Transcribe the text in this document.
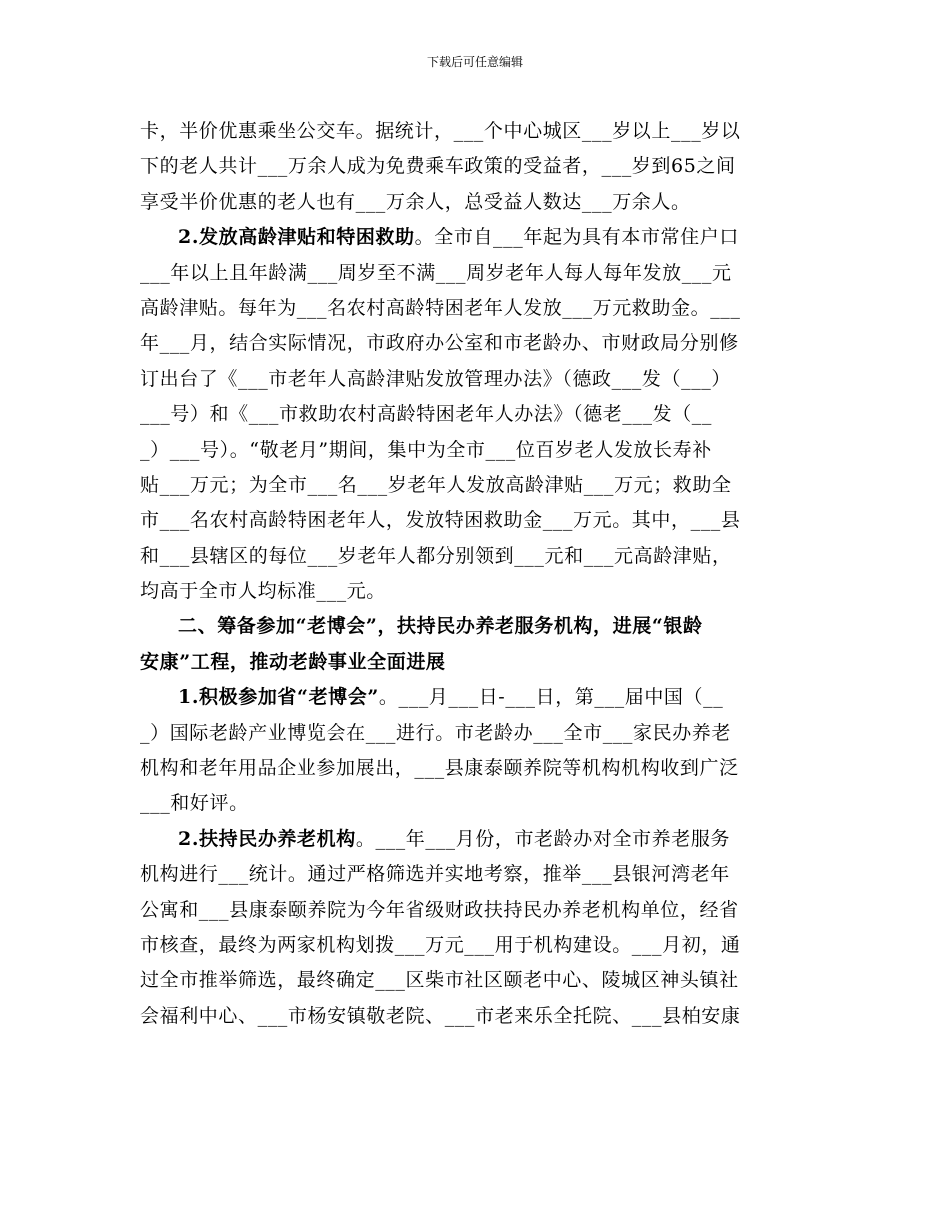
下载后可任意编辑
卡，半价优惠乘坐公交车。据统计，___个中心城区___岁以上___岁以
下的老人共计___万余人成为免费乘车政策的受益者，___岁到65之间
享受半价优惠的老人也有___万余人，总受益人数达___万余人。
2.发放高龄津贴和特困救助。全市自___年起为具有本市常住户口
___年以上且年龄满___周岁至不满___周岁老年人每人每年发放___元
高龄津贴。每年为___名农村高龄特困老年人发放___万元救助金。___
年___月，结合实际情况，市政府办公室和市老龄办、市财政局分别修
订出台了《___市老年人高龄津贴发放管理办法》（德政___发（___）
___号）和《___市救助农村高龄特困老年人办法》（德老___发（__
_）___号）。“敬老月”期间，集中为全市___位百岁老人发放长寿补
贴___万元；为全市___名___岁老年人发放高龄津贴___万元；救助全
市___名农村高龄特困老年人，发放特困救助金___万元。其中，___县
和___县辖区的每位___岁老年人都分别领到___元和___元高龄津贴，
均高于全市人均标准___元。
二、筹备参加“老博会”，扶持民办养老服务机构，进展“银龄
安康”工程，推动老龄事业全面进展
1.积极参加省“老博会”。___月___日-___日，第___届中国（__
_）国际老龄产业博览会在___进行。市老龄办___全市___家民办养老
机构和老年用品企业参加展出，___县康泰颐养院等机构机构收到广泛
___和好评。
2.扶持民办养老机构。___年___月份，市老龄办对全市养老服务
机构进行___统计。通过严格筛选并实地考察，推举___县银河湾老年
公寓和___县康泰颐养院为今年省级财政扶持民办养老机构单位，经省
市核查，最终为两家机构划拨___万元___用于机构建设。___月初，通
过全市推举筛选，最终确定___区柴市社区颐老中心、陵城区神头镇社
会福利中心、___市杨安镇敬老院、___市老来乐全托院、___县柏安康
